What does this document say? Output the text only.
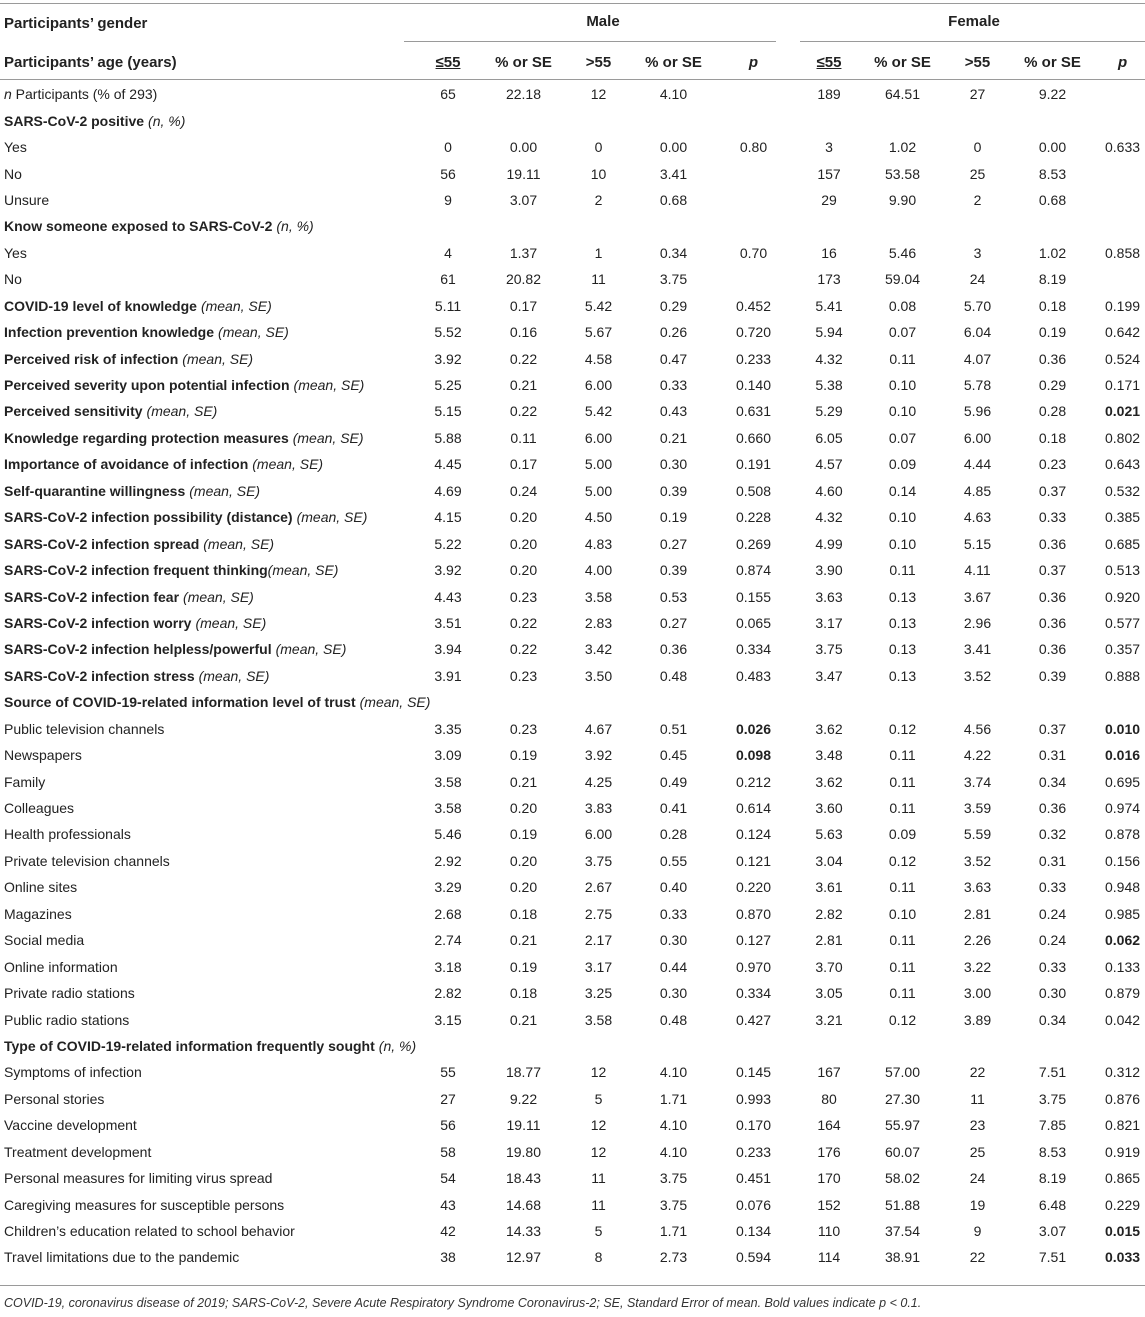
Participants’ gender	Male						Female				
Participants’ age (years)	≤55	% or SE	>55	% or SE	p		≤55	% or SE	>55	% or SE	p
n Participants (% of 293)	65	22.18	12	4.10			189	64.51	27	9.22	
SARS-CoV-2 positive (n, %)											
Yes	0	0.00	0	0.00	0.80		3	1.02	0	0.00	0.633
No	56	19.11	10	3.41			157	53.58	25	8.53	
Unsure	9	3.07	2	0.68			29	9.90	2	0.68	
Know someone exposed to SARS-CoV-2 (n, %)											
Yes	4	1.37	1	0.34	0.70		16	5.46	3	1.02	0.858
No	61	20.82	11	3.75			173	59.04	24	8.19	
COVID-19 level of knowledge (mean, SE)	5.11	0.17	5.42	0.29	0.452		5.41	0.08	5.70	0.18	0.199
Infection prevention knowledge (mean, SE)	5.52	0.16	5.67	0.26	0.720		5.94	0.07	6.04	0.19	0.642
Perceived risk of infection (mean, SE)	3.92	0.22	4.58	0.47	0.233		4.32	0.11	4.07	0.36	0.524
Perceived severity upon potential infection (mean, SE)	5.25	0.21	6.00	0.33	0.140		5.38	0.10	5.78	0.29	0.171
Perceived sensitivity (mean, SE)	5.15	0.22	5.42	0.43	0.631		5.29	0.10	5.96	0.28	0.021
Knowledge regarding protection measures (mean, SE)	5.88	0.11	6.00	0.21	0.660		6.05	0.07	6.00	0.18	0.802
Importance of avoidance of infection (mean, SE)	4.45	0.17	5.00	0.30	0.191		4.57	0.09	4.44	0.23	0.643
Self-quarantine willingness (mean, SE)	4.69	0.24	5.00	0.39	0.508		4.60	0.14	4.85	0.37	0.532
SARS-CoV-2 infection possibility (distance) (mean, SE)	4.15	0.20	4.50	0.19	0.228		4.32	0.10	4.63	0.33	0.385
SARS-CoV-2 infection spread (mean, SE)	5.22	0.20	4.83	0.27	0.269		4.99	0.10	5.15	0.36	0.685
SARS-CoV-2 infection frequent thinking(mean, SE)	3.92	0.20	4.00	0.39	0.874		3.90	0.11	4.11	0.37	0.513
SARS-CoV-2 infection fear (mean, SE)	4.43	0.23	3.58	0.53	0.155		3.63	0.13	3.67	0.36	0.920
SARS-CoV-2 infection worry (mean, SE)	3.51	0.22	2.83	0.27	0.065		3.17	0.13	2.96	0.36	0.577
SARS-CoV-2 infection helpless/powerful (mean, SE)	3.94	0.22	3.42	0.36	0.334		3.75	0.13	3.41	0.36	0.357
SARS-CoV-2 infection stress (mean, SE)	3.91	0.23	3.50	0.48	0.483		3.47	0.13	3.52	0.39	0.888
Source of COVID-19-related information level of trust (mean, SE)											
Public television channels	3.35	0.23	4.67	0.51	0.026		3.62	0.12	4.56	0.37	0.010
Newspapers	3.09	0.19	3.92	0.45	0.098		3.48	0.11	4.22	0.31	0.016
Family	3.58	0.21	4.25	0.49	0.212		3.62	0.11	3.74	0.34	0.695
Colleagues	3.58	0.20	3.83	0.41	0.614		3.60	0.11	3.59	0.36	0.974
Health professionals	5.46	0.19	6.00	0.28	0.124		5.63	0.09	5.59	0.32	0.878
Private television channels	2.92	0.20	3.75	0.55	0.121		3.04	0.12	3.52	0.31	0.156
Online sites	3.29	0.20	2.67	0.40	0.220		3.61	0.11	3.63	0.33	0.948
Magazines	2.68	0.18	2.75	0.33	0.870		2.82	0.10	2.81	0.24	0.985
Social media	2.74	0.21	2.17	0.30	0.127		2.81	0.11	2.26	0.24	0.062
Online information	3.18	0.19	3.17	0.44	0.970		3.70	0.11	3.22	0.33	0.133
Private radio stations	2.82	0.18	3.25	0.30	0.334		3.05	0.11	3.00	0.30	0.879
Public radio stations	3.15	0.21	3.58	0.48	0.427		3.21	0.12	3.89	0.34	0.042
Type of COVID-19-related information frequently sought (n, %)											
Symptoms of infection	55	18.77	12	4.10	0.145		167	57.00	22	7.51	0.312
Personal stories	27	9.22	5	1.71	0.993		80	27.30	11	3.75	0.876
Vaccine development	56	19.11	12	4.10	0.170		164	55.97	23	7.85	0.821
Treatment development	58	19.80	12	4.10	0.233		176	60.07	25	8.53	0.919
Personal measures for limiting virus spread	54	18.43	11	3.75	0.451		170	58.02	24	8.19	0.865
Caregiving measures for susceptible persons	43	14.68	11	3.75	0.076		152	51.88	19	6.48	0.229
Children’s education related to school behavior	42	14.33	5	1.71	0.134		110	37.54	9	3.07	0.015
Travel limitations due to the pandemic	38	12.97	8	2.73	0.594		114	38.91	22	7.51	0.033
COVID-19, coronavirus disease of 2019; SARS-CoV-2, Severe Acute Respiratory Syndrome Coronavirus-2; SE, Standard Error of mean. Bold values indicate p < 0.1.
